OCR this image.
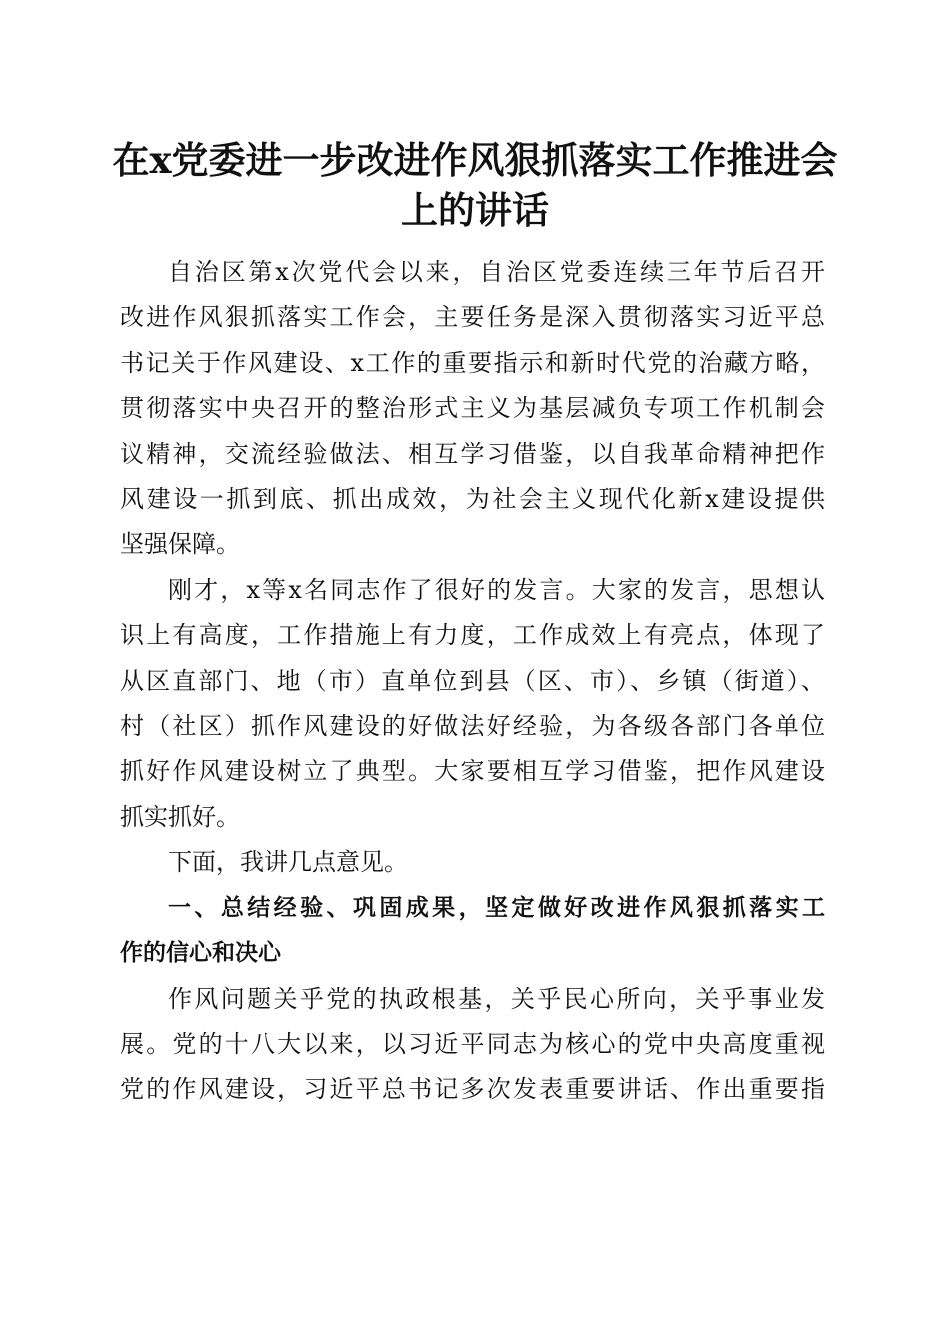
在x党委进一步改进作风狠抓落实工作推进会
上的讲话

自治区第x次党代会以来，自治区党委连续三年节后召开
改进作风狠抓落实工作会，主要任务是深入贯彻落实习近平总
书记关于作风建设、x工作的重要指示和新时代党的治藏方略，
贯彻落实中央召开的整治形式主义为基层减负专项工作机制会
议精神，交流经验做法、相互学习借鉴，以自我革命精神把作
风建设一抓到底、抓出成效，为社会主义现代化新x建设提供
坚强保障。

刚才，x等x名同志作了很好的发言。大家的发言，思想认
识上有高度，工作措施上有力度，工作成效上有亮点，体现了
从区直部门、地（市）直单位到县（区、市）、乡镇（街道）、
村（社区）抓作风建设的好做法好经验，为各级各部门各单位
抓好作风建设树立了典型。大家要相互学习借鉴，把作风建设
抓实抓好。

下面，我讲几点意见。

一、总结经验、巩固成果，坚定做好改进作风狠抓落实工
作的信心和决心

作风问题关乎党的执政根基，关乎民心所向，关乎事业发
展。党的十八大以来，以习近平同志为核心的党中央高度重视
党的作风建设，习近平总书记多次发表重要讲话、作出重要指
